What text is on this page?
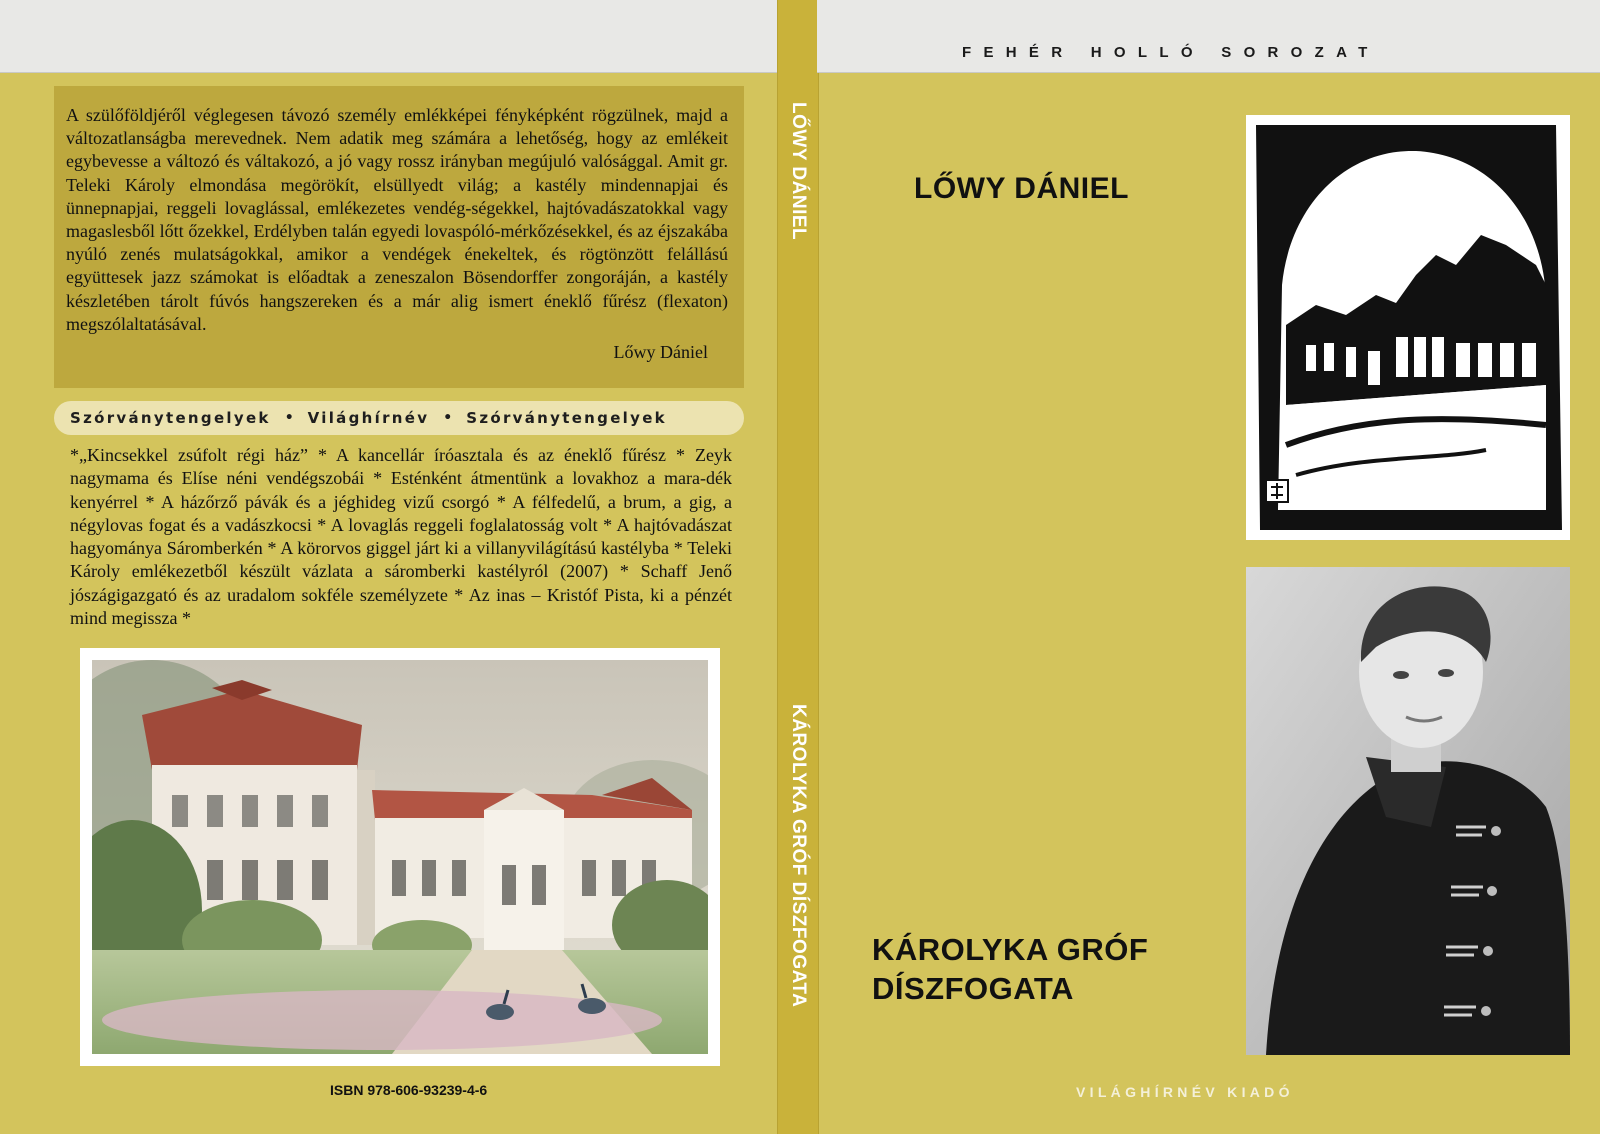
A szülőföldjéről véglegesen távozó személy emlékképei fényképként rögzülnek, majd a változatlanságba merevednek. Nem adatik meg számára a lehetőség, hogy az emlékeit egybevesse a változó és váltakozó, a jó vagy rossz irányban megújuló valósággal. Amit gr. Teleki Károly elmondása megörökít, elsüllyedt világ; a kastély mindennapjai és ünnepnapjai, reggeli lovaglással, emlékezetes vendég-ségekkel, hajtóvadászatokkal vagy magaslesből lőtt őzekkel, Erdélyben talán egyedi lovaspóló-mérkőzésekkel, és az éjszakába nyúló zenés mulatságokkal, amikor a vendégek énekeltek, és rögtönzött felállású együttesek jazz számokat is előadtak a zeneszalon Bösendorffer zongoráján, a kastély készletében tárolt fúvós hangszereken és a már alig ismert éneklő fűrész (flexaton) megszólaltatásával.

Lőwy Dániel

Szórványtengelyek • Világhírnév • Szórványtengelyek

*„Kincsekkel zsúfolt régi ház” * A kancellár íróasztala és az éneklő fűrész * Zeyk nagymama és Elíse néni vendégszobái * Esténként átmentünk a lovakhoz a mara-dék kenyérrel * A házőrző pávák és a jéghideg vizű csorgó * A félfedelű, a brum, a gig, a négylovas fogat és a vadászkocsi * A lovaglás reggeli foglalatosság volt * A hajtóvadászat hagyománya Sáromberkén * A körorvos giggel járt ki a villanyvilágítású kastélyba * Teleki Károly emlékezetből készült vázlata a sáromberki kastélyról (2007) * Schaff Jenő jószágigazgató és az uradalom sokféle személyzete * Az inas – Kristóf Pista, ki a pénzét mind megissza *

ISBN 978-606-93239-4-6

LŐWY DÁNIEL
KÁROLYKA GRÓF DÍSZFOGATA

FEHÉR HOLLÓ SOROZAT

LŐWY DÁNIEL

KÁROLYKA GRÓF
DÍSZFOGATA

VILÁGHÍRNÉV KIADÓ
